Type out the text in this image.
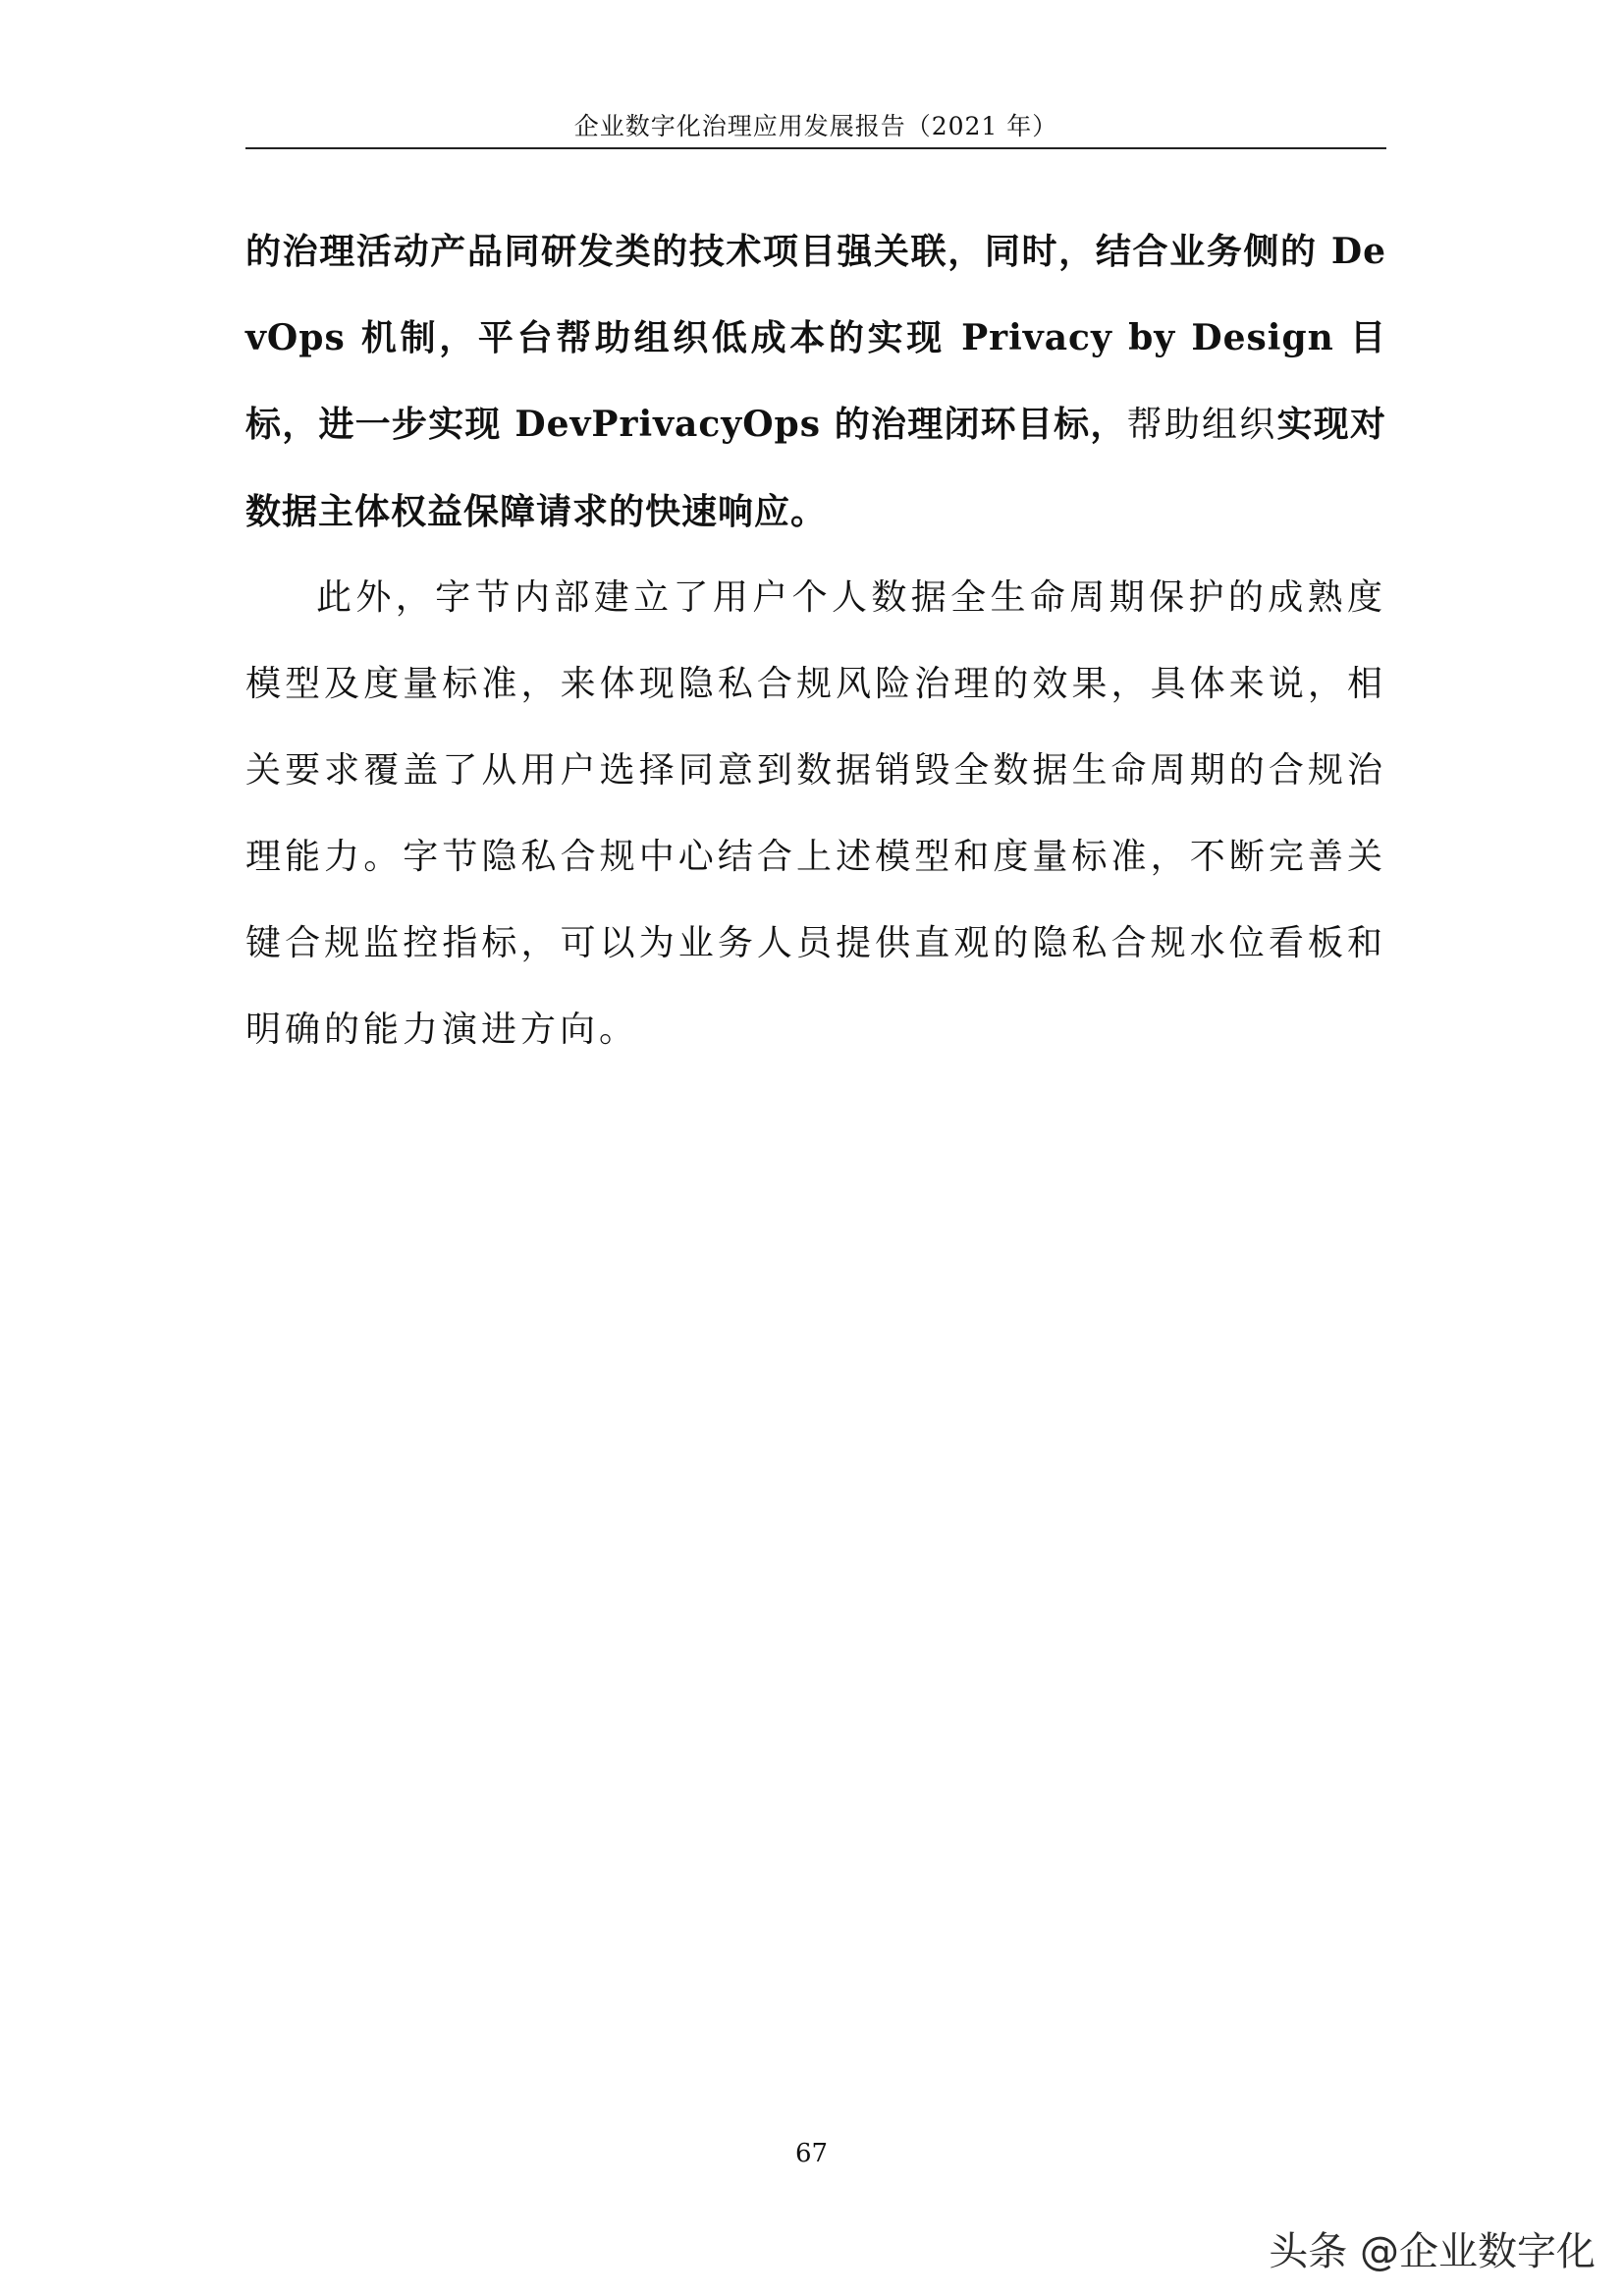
企业数字化治理应用发展报告（2021 年）

的治理活动产品同研发类的技术项目强关联，同时，结合业务侧的 DevOps 机制，平台帮助组织低成本的实现 Privacy by Design 目标，进一步实现 DevPrivacyOps 的治理闭环目标，帮助组织实现对数据主体权益保障请求的快速响应。

此外，字节内部建立了用户个人数据全生命周期保护的成熟度模型及度量标准，来体现隐私合规风险治理的效果，具体来说，相关要求覆盖了从用户选择同意到数据销毁全数据生命周期的合规治理能力。字节隐私合规中心结合上述模型和度量标准，不断完善关键合规监控指标，可以为业务人员提供直观的隐私合规水位看板和明确的能力演进方向。

67
头条 @企业数字化
